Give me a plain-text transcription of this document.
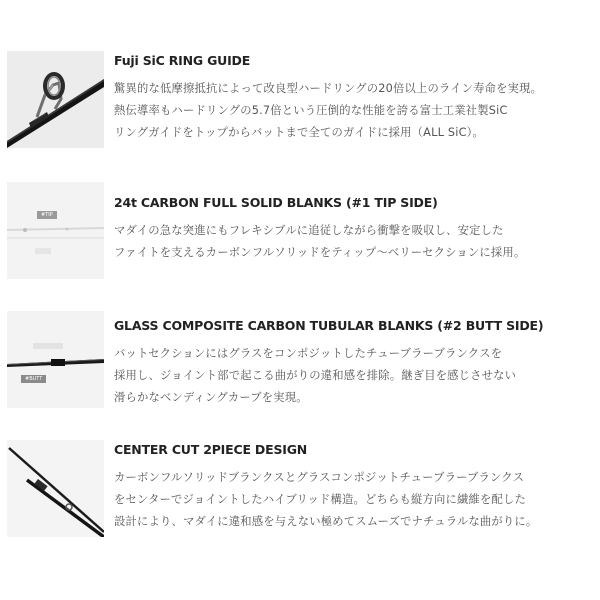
Fuji SiC RING GUIDE
驚異的な低摩擦抵抗によって改良型ハードリングの20倍以上のライン寿命を実現。
熱伝導率もハードリングの5.7倍という圧倒的な性能を誇る富士工業社製SiC
リングガイドをトップからバットまで全てのガイドに採用（ALL SiC）。
#TIP
24t CARBON FULL SOLID BLANKS (#1 TIP SIDE)
マダイの急な突進にもフレキシブルに追従しながら衝撃を吸収し、安定した
ファイトを支えるカーボンフルソリッドをティップ～ベリーセクションに採用。
#BUTT
GLASS COMPOSITE CARBON TUBULAR BLANKS (#2 BUTT SIDE)
バットセクションにはグラスをコンポジットしたチューブラーブランクスを
採用し、ジョイント部で起こる曲がりの違和感を排除。継ぎ目を感じさせない
滑らかなベンディングカーブを実現。
CENTER CUT 2PIECE DESIGN
カーボンフルソリッドブランクスとグラスコンポジットチューブラーブランクス
をセンターでジョイントしたハイブリッド構造。どちらも縦方向に繊維を配した
設計により、マダイに違和感を与えない極めてスムーズでナチュラルな曲がりに。
